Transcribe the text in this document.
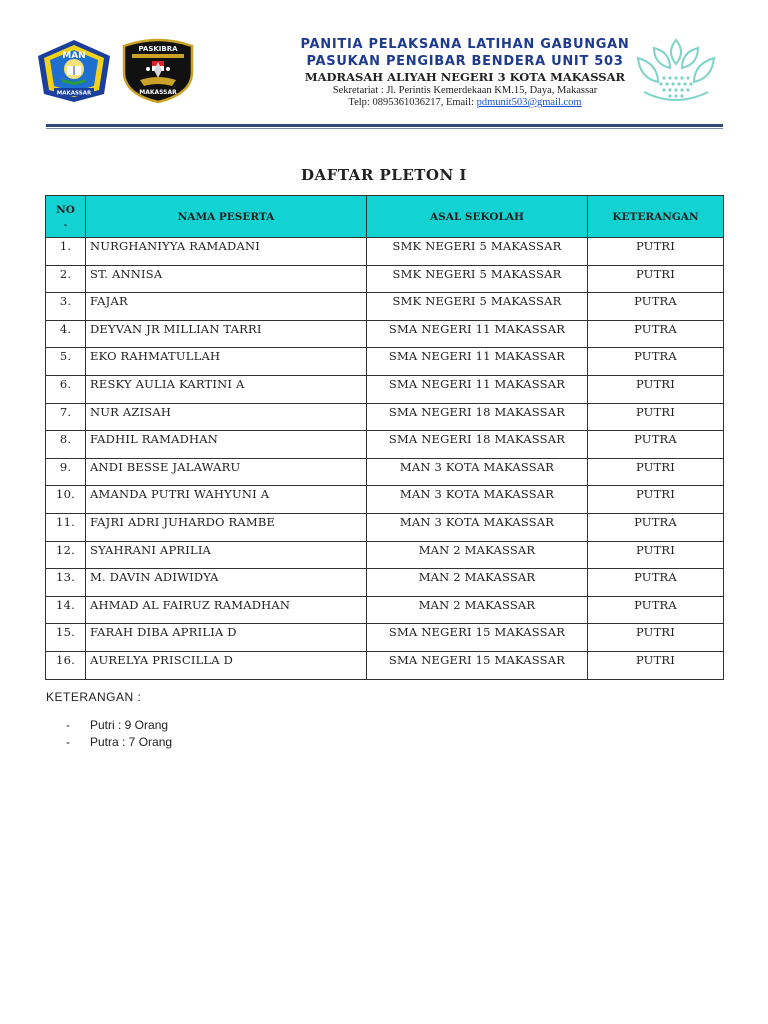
MAN
MAKASSAR
PASKIBRA
MAKASSAR
PANITIA PELAKSANA LATIHAN GABUNGAN
PASUKAN PENGIBAR BENDERA UNIT 503
MADRASAH ALIYAH NEGERI 3 KOTA MAKASSAR
Sekretariat : Jl. Perintis Kemerdekaan KM.15, Daya, Makassar
Telp: 0895361036217, Email: pdmunit503@gmail.com
DAFTAR PLETON I
NO
.	NAMA PESERTA	ASAL SEKOLAH	KETERANGAN
1.	NURGHANIYYA RAMADANI	SMK NEGERI 5 MAKASSAR	PUTRI
2.	ST. ANNISA	SMK NEGERI 5 MAKASSAR	PUTRI
3.	FAJAR	SMK NEGERI 5 MAKASSAR	PUTRA
4.	DEYVAN JR MILLIAN TARRI	SMA NEGERI 11 MAKASSAR	PUTRA
5.	EKO RAHMATULLAH	SMA NEGERI 11 MAKASSAR	PUTRA
6.	RESKY AULIA KARTINI A	SMA NEGERI 11 MAKASSAR	PUTRI
7.	NUR AZISAH	SMA NEGERI 18 MAKASSAR	PUTRI
8.	FADHIL RAMADHAN	SMA NEGERI 18 MAKASSAR	PUTRA
9.	ANDI BESSE JALAWARU	MAN 3 KOTA MAKASSAR	PUTRI
10.	AMANDA PUTRI WAHYUNI A	MAN 3 KOTA MAKASSAR	PUTRI
11.	FAJRI ADRI JUHARDO RAMBE	MAN 3 KOTA MAKASSAR	PUTRA
12.	SYAHRANI APRILIA	MAN 2 MAKASSAR	PUTRI
13.	M. DAVIN ADIWIDYA	MAN 2 MAKASSAR	PUTRA
14.	AHMAD AL FAIRUZ RAMADHAN	MAN 2 MAKASSAR	PUTRA
15.	FARAH DIBA APRILIA D	SMA NEGERI 15 MAKASSAR	PUTRI
16.	AURELYA PRISCILLA D	SMA NEGERI 15 MAKASSAR	PUTRI
KETERANGAN :
-	Putri : 9 Orang
-	Putra : 7 Orang
